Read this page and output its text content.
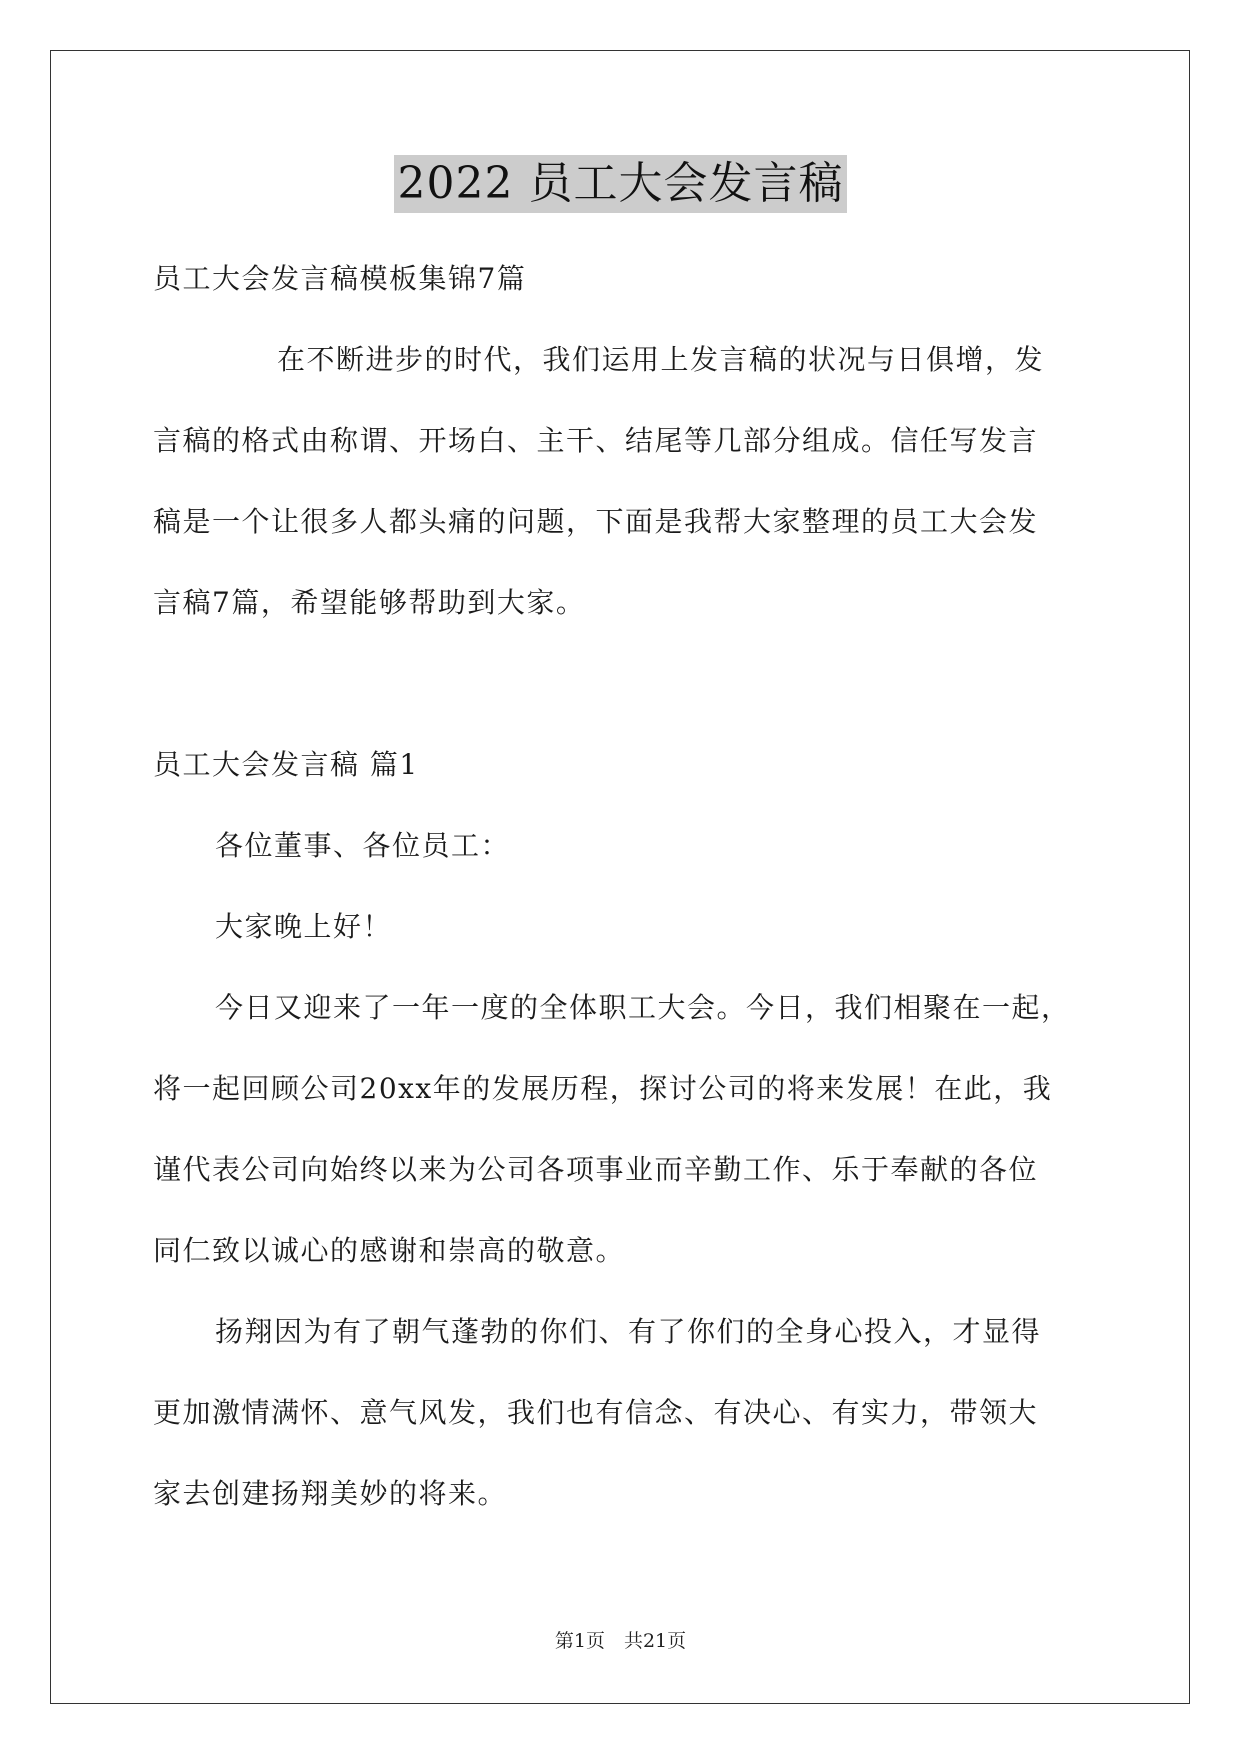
2022 员工大会发言稿

员工大会发言稿模板集锦7篇

在不断进步的时代，我们运用上发言稿的状况与日俱增，发

言稿的格式由称谓、开场白、主干、结尾等几部分组成。信任写发言

稿是一个让很多人都头痛的问题，下面是我帮大家整理的员工大会发

言稿7篇，希望能够帮助到大家。

员工大会发言稿 篇1

各位董事、各位员工：

大家晚上好！

今日又迎来了一年一度的全体职工大会。今日，我们相聚在一起，

将一起回顾公司20xx年的发展历程，探讨公司的将来发展！在此，我

谨代表公司向始终以来为公司各项事业而辛勤工作、乐于奉献的各位

同仁致以诚心的感谢和崇高的敬意。

扬翔因为有了朝气蓬勃的你们、有了你们的全身心投入，才显得

更加激情满怀、意气风发，我们也有信念、有决心、有实力，带领大

家去创建扬翔美妙的将来。

第1页　共21页
